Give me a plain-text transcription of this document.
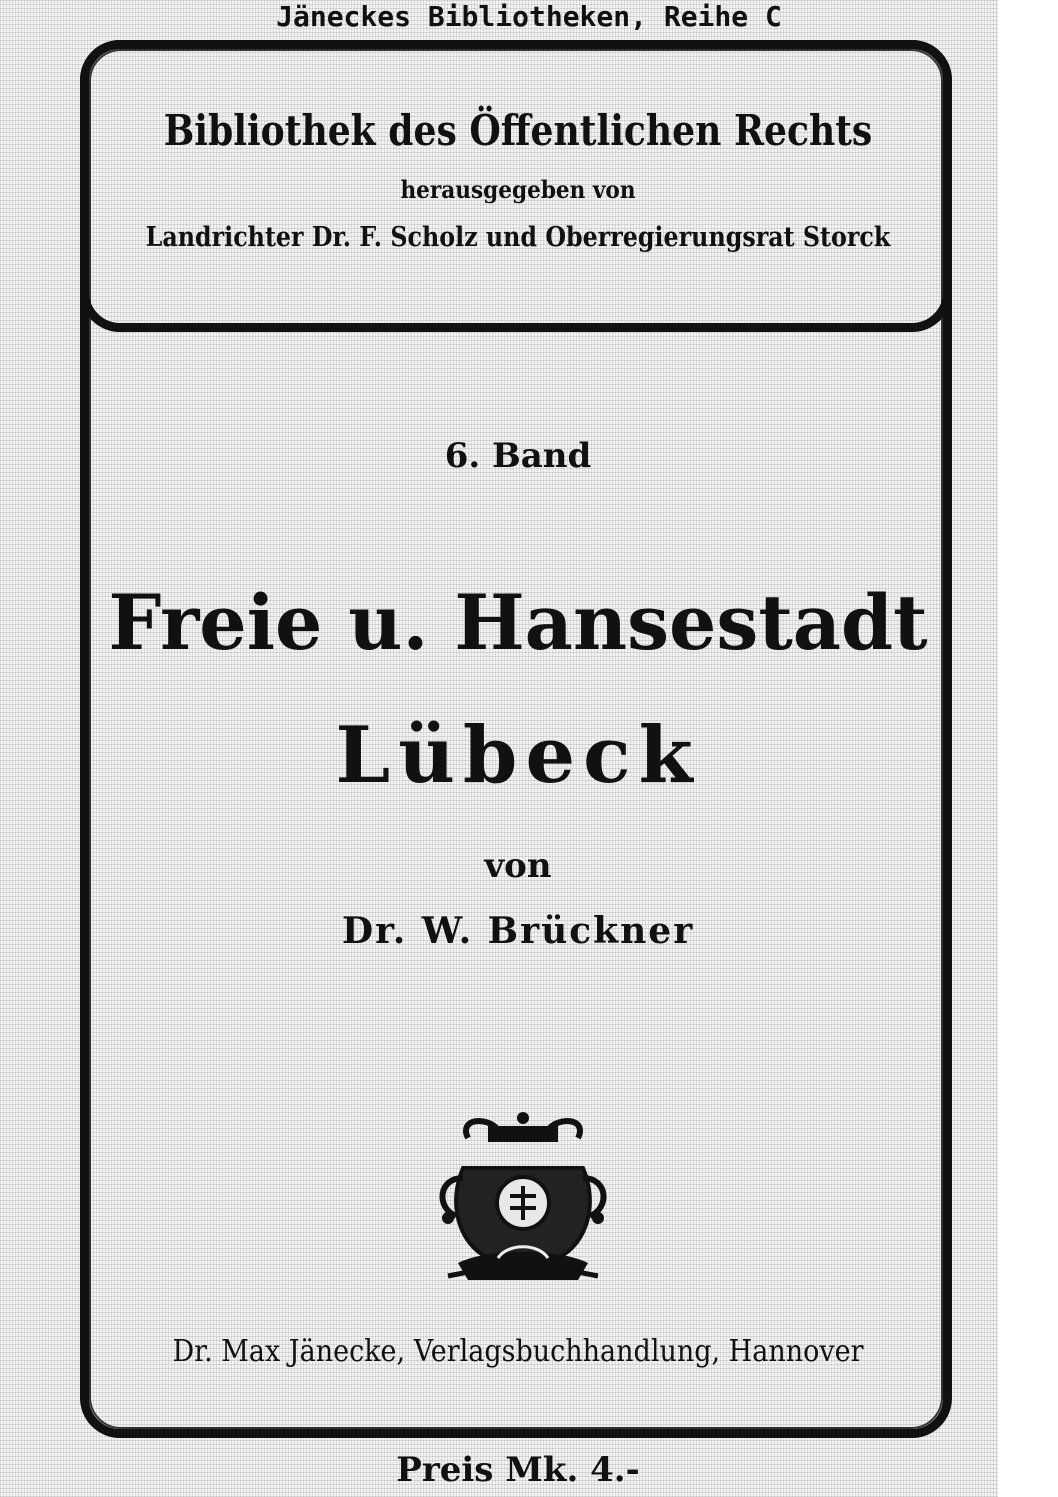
Jäneckes Bibliotheken, Reihe C
Bibliothek des Öffentlichen Rechts
herausgegeben von
Landrichter Dr. F. Scholz und Oberregierungsrat Storck
6. Band
Freie u. Hansestadt
Lübeck
von
Dr. W. Brückner
Dr. Max Jänecke, Verlagsbuchhandlung, Hannover
Preis Mk. 4.-
